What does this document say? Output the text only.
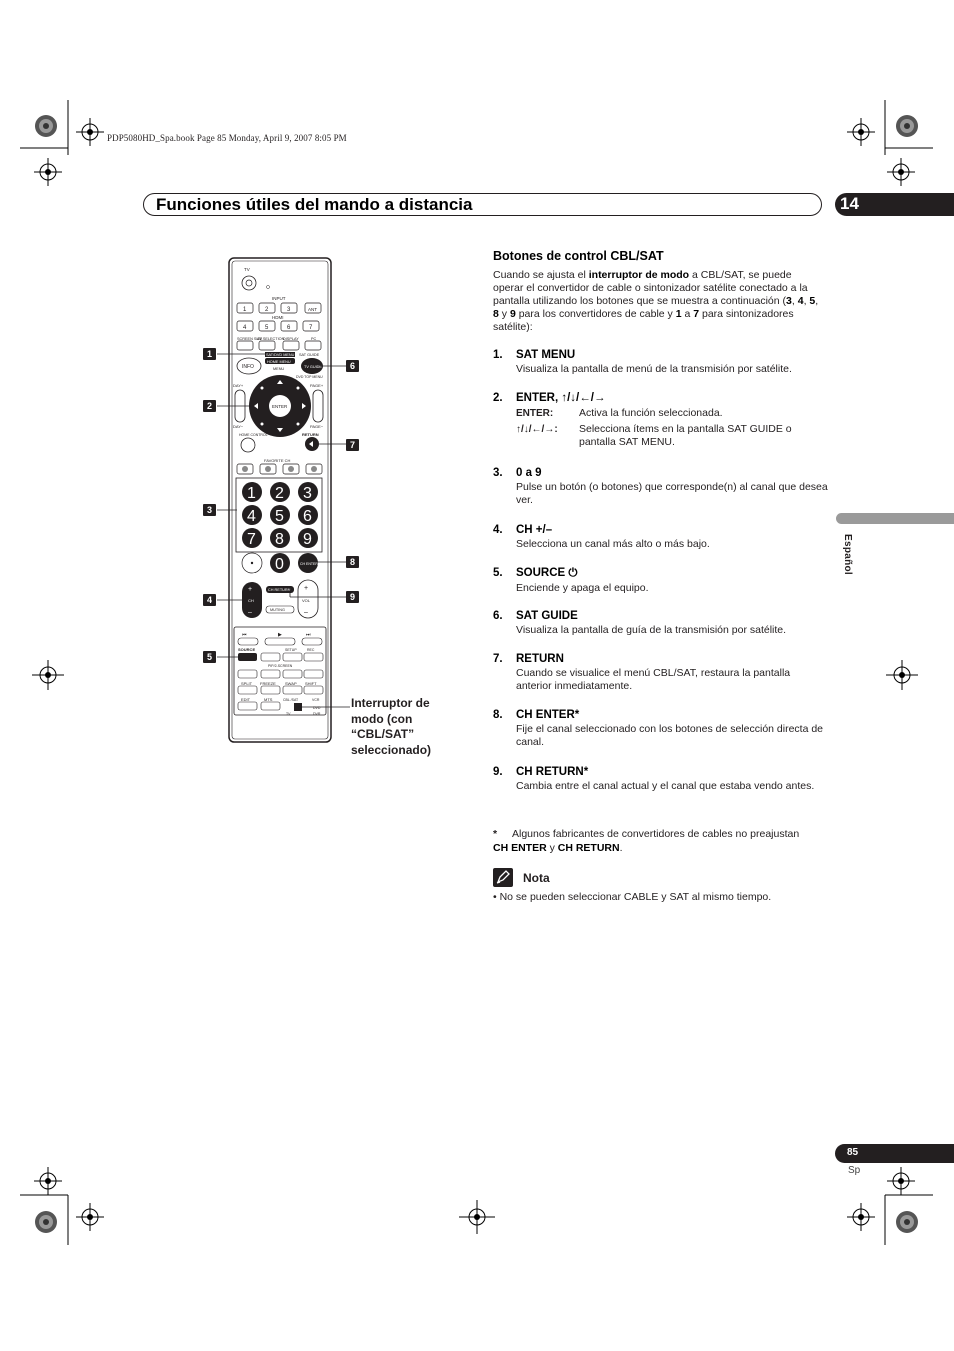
PDP5080HD_Spa.book Page 85 Monday, April 9, 2007 8:05 PM
Funciones útiles del mando a distancia	14
Español
TV
INPUT
1	2	3	ANT
HDMI
4	5	6	7
SCREEN SIZE
AV SELECTION
DISPLAY	PC
INFO
SAT/DVD MENU
HOME MENU
MENU
SAT GUIDE
TV GUIDE
DVD TOP MENU
DAY+
DAY−
PAGE+
PAGE−
ENTER
HOME CONTROL	RETURN
FAVORITE CH
1 2 3
4 5 6
7 8 9
0	CH ENTER
+
CH
–
CH RETURN
MUTING
+
VOL
–
⏮	▶	⏭
SOURCE	SETUP	REC
PIP/2-SCREEN
SPLIT FREEZE SWAP SHIFT
EDIT	MTS	CBL /SAT	VCR
DVD
TV	DVR
1
2
3
4
5
6
7
8
9
Interruptor de modo (con “CBL/SAT” seleccionado)
Botones de control CBL/SAT
Cuando se ajusta el interruptor de modo a CBL/SAT, se puede operar el convertidor de cable o sintonizador satélite conectado a la pantalla utilizando los botones que se muestra a continuación (3, 4, 5, 8 y 9 para los convertidores de cable y 1 a 7 para sintonizadores satélite):
1. SAT MENU
Visualiza la pantalla de menú de la transmisión por satélite.
2. ENTER, ↑/↓/←/→
ENTER:	Activa la función seleccionada.
↑/↓/←/→:	Selecciona ítems en la pantalla SAT GUIDE o pantalla SAT MENU.
3. 0 a 9
Pulse un botón (o botones) que corresponde(n) al canal que desea ver.
4. CH +/–
Selecciona un canal más alto o más bajo.
5. SOURCE ⏻
Enciende y apaga el equipo.
6. SAT GUIDE
Visualiza la pantalla de guía de la transmisión por satélite.
7. RETURN
Cuando se visualice el menú CBL/SAT, restaura la pantalla anterior inmediatamente.
8. CH ENTER*
Fije el canal seleccionado con los botones de selección directa de canal.
9. CH RETURN*
Cambia entre el canal actual y el canal que estaba vendo antes.
* Algunos fabricantes de convertidores de cables no preajustan CH ENTER y CH RETURN.
Nota
• No se pueden seleccionar CABLE y SAT al mismo tiempo.
85
Sp
